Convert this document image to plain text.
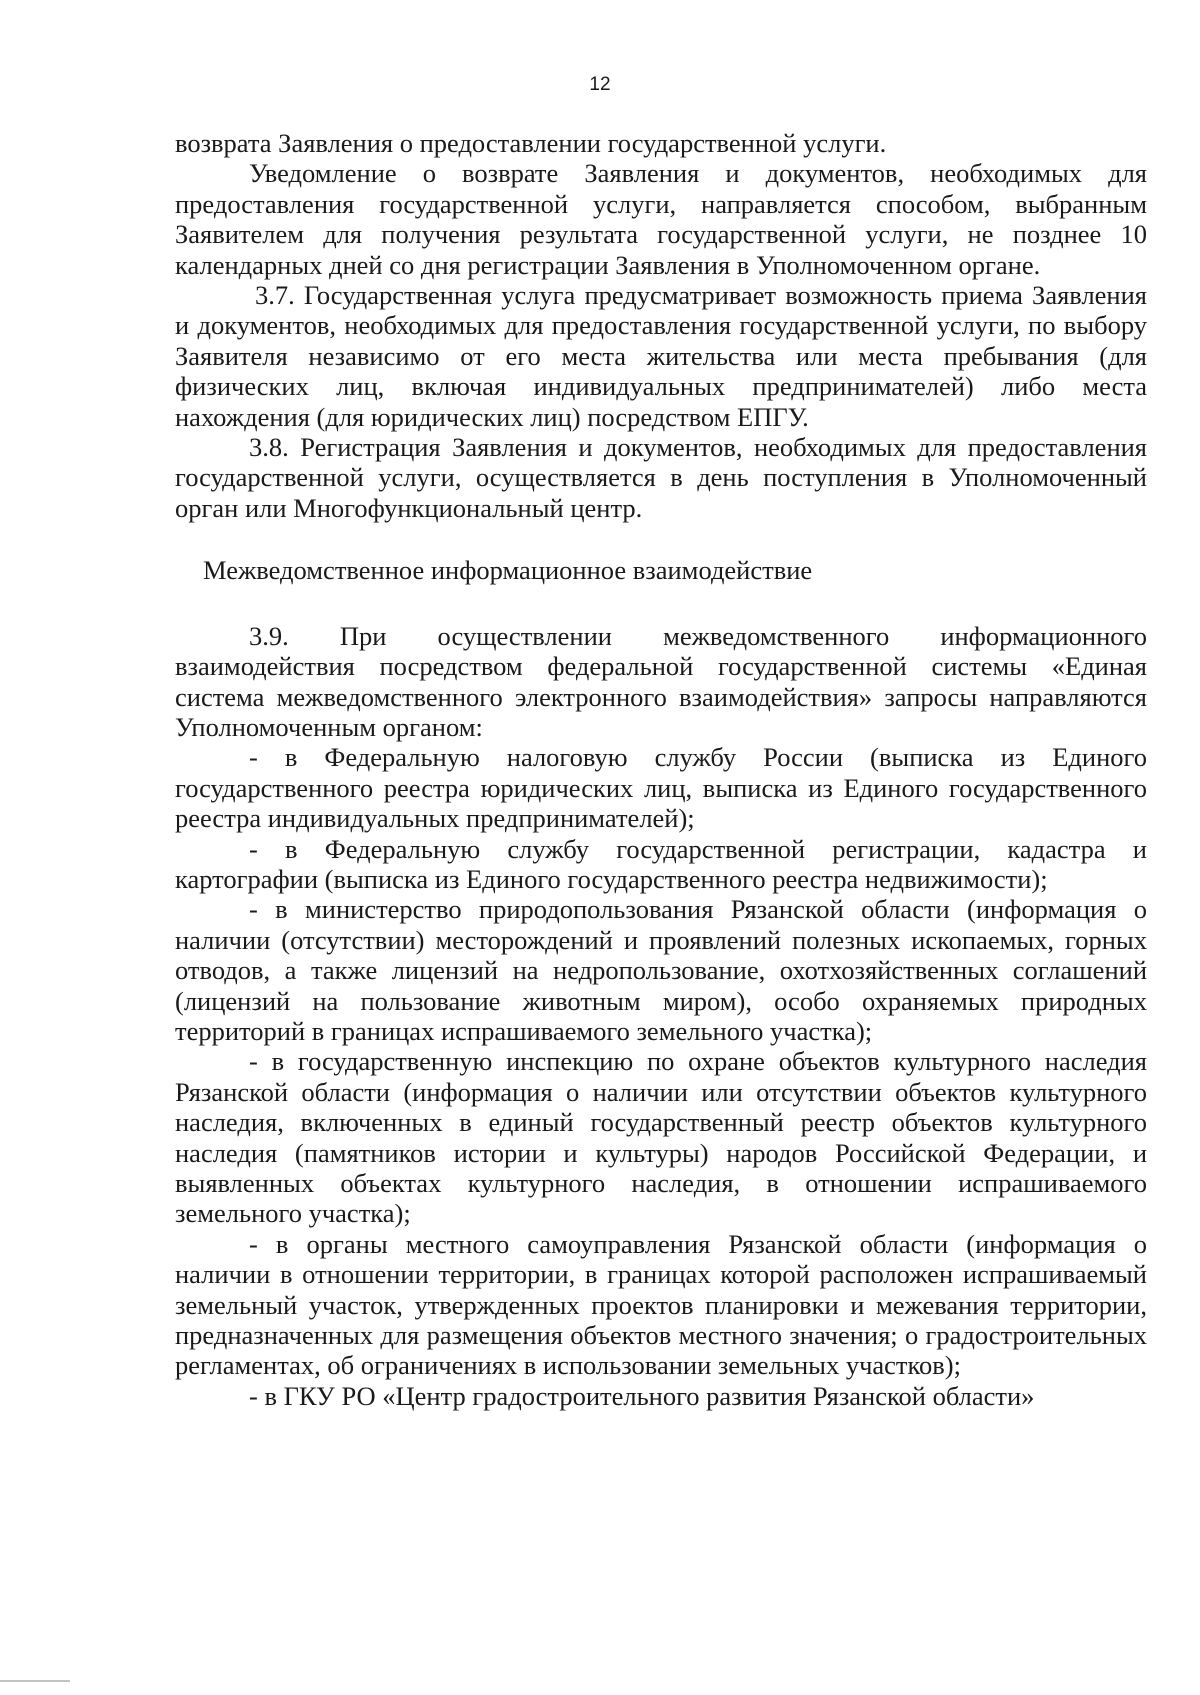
12

возврата Заявления о предоставлении государственной услуги.

Уведомление о возврате Заявления и документов, необходимых для предоставления государственной услуги, направляется способом, выбранным Заявителем для получения результата государственной услуги, не позднее 10 календарных дней со дня регистрации Заявления в Уполномоченном органе.

3.7. Государственная услуга предусматривает возможность приема Заявления и документов, необходимых для предоставления государственной услуги, по выбору Заявителя независимо от его места жительства или места пребывания (для физических лиц, включая индивидуальных предпринимателей) либо места нахождения (для юридических лиц) посредством ЕПГУ.

3.8. Регистрация Заявления и документов, необходимых для предоставления государственной услуги, осуществляется в день поступления в Уполномоченный орган или Многофункциональный центр.

Межведомственное информационное взаимодействие

3.9. При осуществлении межведомственного информационного взаимодействия посредством федеральной государственной системы «Единая система межведомственного электронного взаимодействия» запросы направляются Уполномоченным органом:

- в Федеральную налоговую службу России (выписка из Единого государственного реестра юридических лиц, выписка из Единого государственного реестра индивидуальных предпринимателей);

- в Федеральную службу государственной регистрации, кадастра и картографии (выписка из Единого государственного реестра недвижимости);

- в министерство природопользования Рязанской области (информация о наличии (отсутствии) месторождений и проявлений полезных ископаемых, горных отводов, а также лицензий на недропользование, охотхозяйственных соглашений (лицензий на пользование животным миром), особо охраняемых природных территорий в границах испрашиваемого земельного участка);

- в государственную инспекцию по охране объектов культурного наследия Рязанской области (информация о наличии или отсутствии объектов культурного наследия, включенных в единый государственный реестр объектов культурного наследия (памятников истории и культуры) народов Российской Федерации, и выявленных объектах культурного наследия, в отношении испрашиваемого земельного участка);

- в органы местного самоуправления Рязанской области (информация о наличии в отношении территории, в границах которой расположен испрашиваемый земельный участок, утвержденных проектов планировки и межевания территории, предназначенных для размещения объектов местного значения; о градостроительных регламентах, об ограничениях в использовании земельных участков);

- в ГКУ РО «Центр градостроительного развития Рязанской области»
